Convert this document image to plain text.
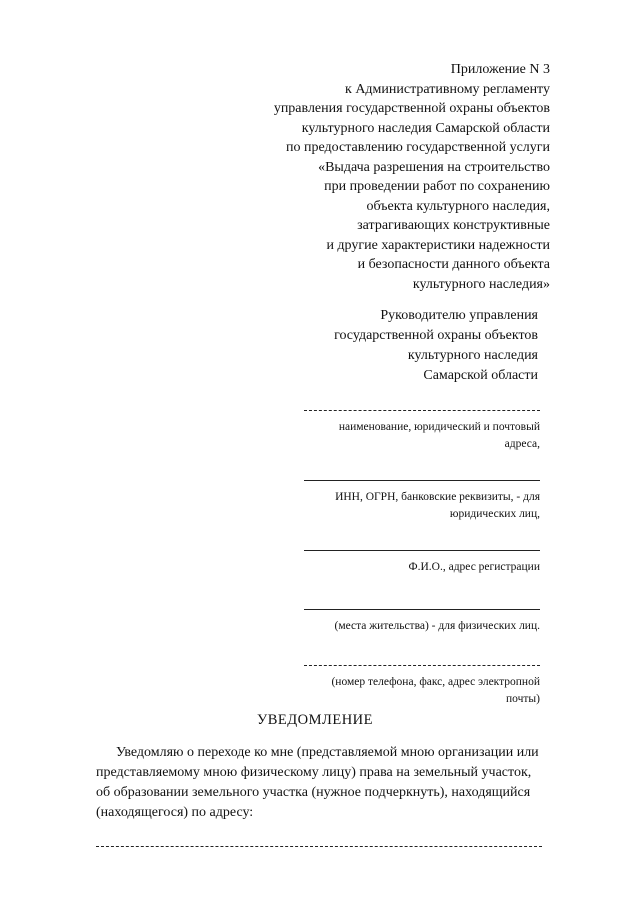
Приложение N 3
к Административному регламенту
управления государственной охраны объектов
культурного наследия Самарской области
по предоставлению государственной услуги
«Выдача разрешения на строительство
при проведении работ по сохранению
объекта культурного наследия,
затрагивающих конструктивные
и другие характеристики надежности
и безопасности данного объекта
культурного наследия»
Руководителю управления
государственной охраны объектов
культурного наследия
Самарской области
наименование, юридический и почтовый
адреса,
ИНН, ОГРН, банковские реквизиты, - для
юридических лиц,
Ф.И.О., адрес регистрации
(места жительства) - для физических лиц.
(номер телефона, факс, адрес электропной
почты)
УВЕДОМЛЕНИЕ
Уведомляю о переходе ко мне (представляемой мною организации или
представляемому мною физическому лицу) права на земельный участок,
об образовании земельного участка (нужное подчеркнуть), находящийся
(находящегося) по адресу:
